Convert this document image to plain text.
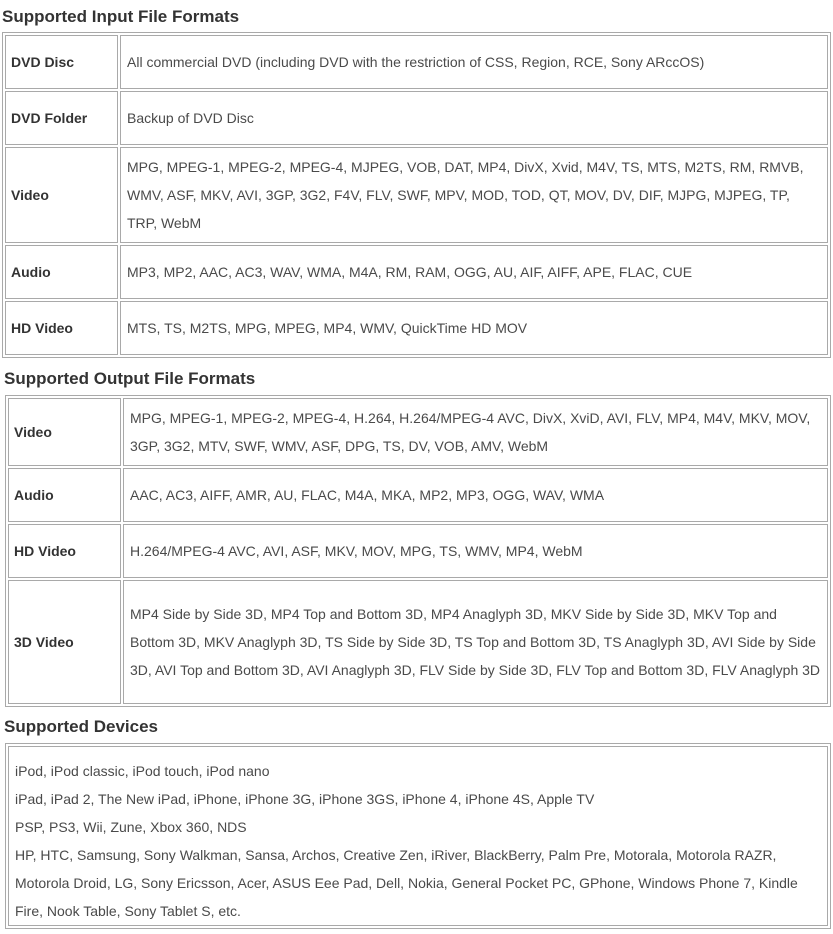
Supported Input File Formats
DVD Disc	All commercial DVD (including DVD with the restriction of CSS, Region, RCE, Sony ARccOS)
DVD Folder	Backup of DVD Disc
Video	MPG, MPEG-1, MPEG-2, MPEG-4, MJPEG, VOB, DAT, MP4, DivX, Xvid, M4V, TS, MTS, M2TS, RM, RMVB, WMV, ASF, MKV, AVI, 3GP, 3G2, F4V, FLV, SWF, MPV, MOD, TOD, QT, MOV, DV, DIF, MJPG, MJPEG, TP, TRP, WebM
Audio	MP3, MP2, AAC, AC3, WAV, WMA, M4A, RM, RAM, OGG, AU, AIF, AIFF, APE, FLAC, CUE
HD Video	MTS, TS, M2TS, MPG, MPEG, MP4, WMV, QuickTime HD MOV
Supported Output File Formats
Video	MPG, MPEG-1, MPEG-2, MPEG-4, H.264, H.264/MPEG-4 AVC, DivX, XviD, AVI, FLV, MP4, M4V, MKV, MOV, 3GP, 3G2, MTV, SWF, WMV, ASF, DPG, TS, DV, VOB, AMV, WebM
Audio	AAC, AC3, AIFF, AMR, AU, FLAC, M4A, MKA, MP2, MP3, OGG, WAV, WMA
HD Video	H.264/MPEG-4 AVC, AVI, ASF, MKV, MOV, MPG, TS, WMV, MP4, WebM
3D Video	MP4 Side by Side 3D, MP4 Top and Bottom 3D, MP4 Anaglyph 3D, MKV Side by Side 3D, MKV Top and Bottom 3D, MKV Anaglyph 3D, TS Side by Side 3D, TS Top and Bottom 3D, TS Anaglyph 3D, AVI Side by Side 3D, AVI Top and Bottom 3D, AVI Anaglyph 3D, FLV Side by Side 3D, FLV Top and Bottom 3D, FLV Anaglyph 3D
Supported Devices

iPod, iPod classic, iPod touch, iPod nano

iPad, iPad 2, The New iPad, iPhone, iPhone 3G, iPhone 3GS, iPhone 4, iPhone 4S, Apple TV

PSP, PS3, Wii, Zune, Xbox 360, NDS

HP, HTC, Samsung, Sony Walkman, Sansa, Archos, Creative Zen, iRiver, BlackBerry, Palm Pre, Motorala, Motorola RAZR, Motorola Droid, LG, Sony Ericsson, Acer, ASUS Eee Pad, Dell, Nokia, General Pocket PC, GPhone, Windows Phone 7, Kindle Fire, Nook Table, Sony Tablet S, etc.
